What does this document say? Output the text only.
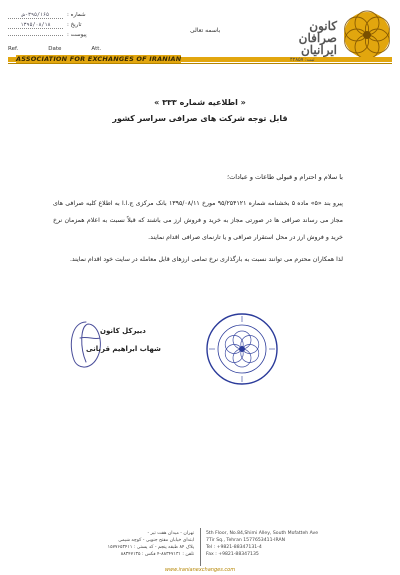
شماره :
۳۹۵/۱۶۵-ش
تاریخ :
۱۳۹۵/۰۸/۱۸
پیوست :
باسمه تعالی	کانون
صرافان
ایرانیان
Ref.	Date	Att.
ASSOCIATION FOR EXCHANGES OF IRANIAN	ثبت: ۴۲۸۵۷
« اطلاعیه شماره ۳۳۳ »
قابل توجه شرکت های صرافی سراسر کشور
با سلام و احترام و قبولی طاعات و عبادات؛
پیرو بند «۵» ماده ۵ بخشنامه شماره ۹۵/۲۵۴۱۲۱ مورخ ۱۳۹۵/۰۸/۱۱ بانک مرکزی ج.ا.ا به اطلاع کلیه صرافی های مجاز می رساند صرافی ها در صورتی مجاز به خرید و فروش ارز می باشند که قبلاً نسبت به اعلام همزمان نرخ خرید و فروش ارز در محل استقرار صرافی و یا تارنمای صرافی اقدام نمایند.
لذا همکاران محترم می توانند نسبت به بارگذاری نرخ تمامی ارزهای قابل معامله در سایت خود اقدام نمایند.
دبیرکل کانون
شهاب ابراهیم قربانی
تهران - میدان هفت تیر -
ابتدای خیابان مفتح جنوبی - کوچه شیمی
پلاک ۸۴ طبقه پنجم - کد پستی : ۱۵۷۷۶۵۳۴۱۱
تلفن : ۸۸۳۴۷۱۳۱-۴ فکس : ۸۸۳۴۷۱۳۵
5th Floor, No.84,Shimi Alley, South Mofatteh Ave
7Tir Sq., Tehran 1577653411-IRAN
Tel : +9821-88347131-4
Fax : +9821-88347135
www.iranianexchanges.com
